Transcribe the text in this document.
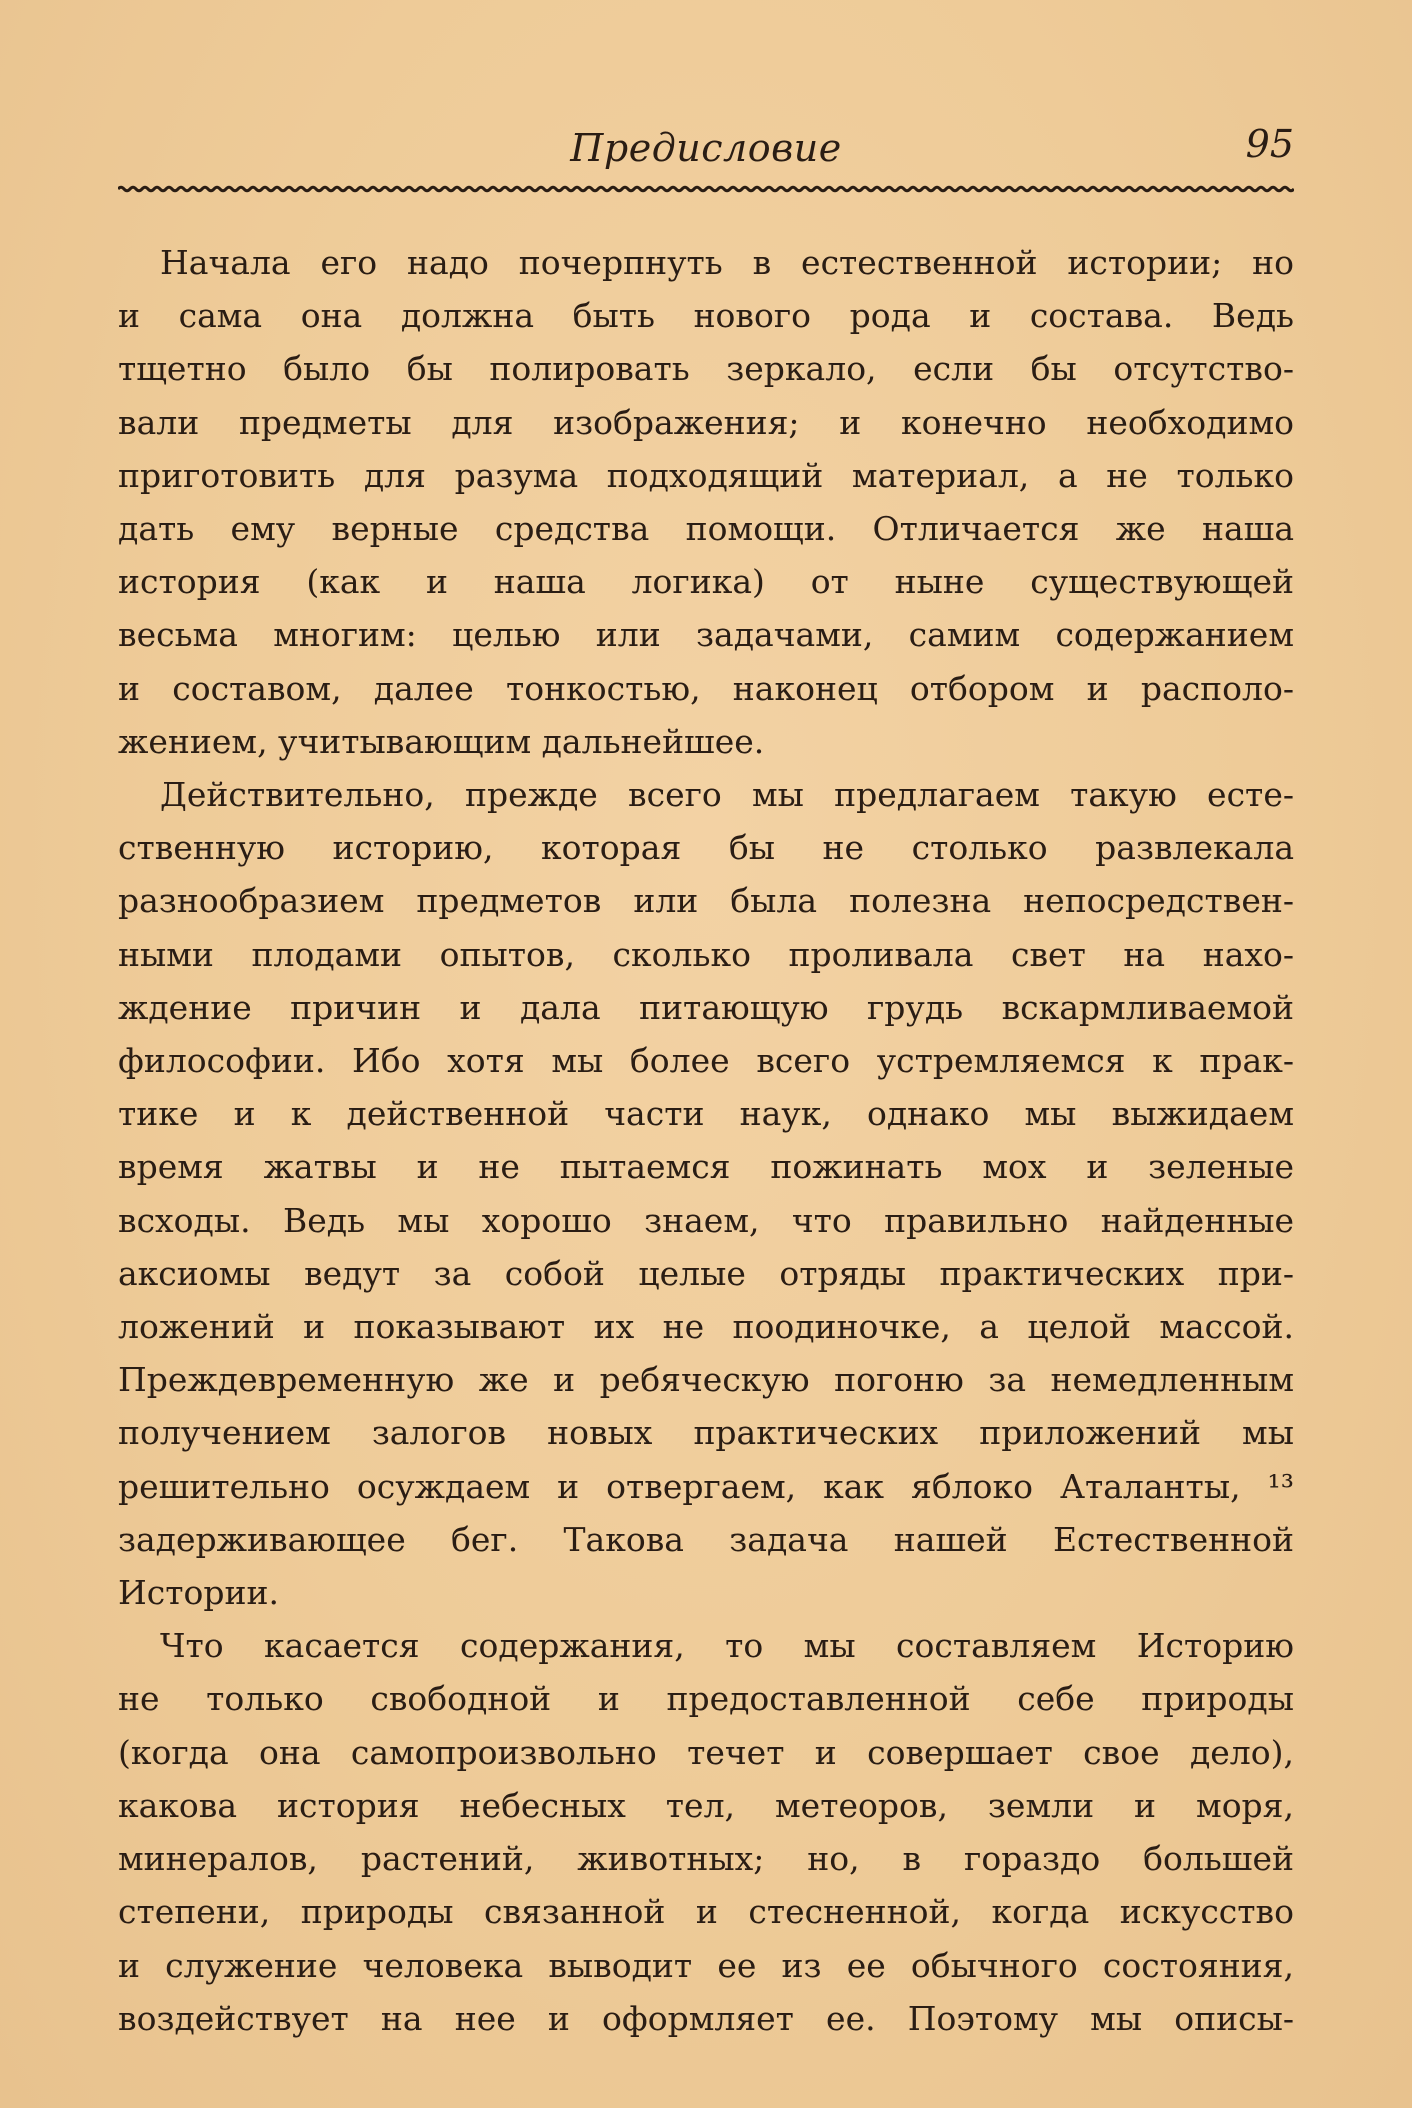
Предисловие	95
Начала его надо почерпнуть в естественной истории; но
и сама она должна быть нового рода и состава. Ведь
тщетно было бы полировать зеркало, если бы отсутство-
вали предметы для изображения; и конечно необходимо
приготовить для разума подходящий материал, а не только
дать ему верные средства помощи. Отличается же наша
история (как и наша логика) от ныне существующей
весьма многим: целью или задачами, самим содержанием
и составом, далее тонкостью, наконец отбором и располо-
жением, учитывающим дальнейшее.
Действительно, прежде всего мы предлагаем такую есте-
ственную историю, которая бы не столько развлекала
разнообразием предметов или была полезна непосредствен-
ными плодами опытов, сколько проливала свет на нахо-
ждение причин и дала питающую грудь вскармливаемой
философии. Ибо хотя мы более всего устремляемся к прак-
тике и к действенной части наук, однако мы выжидаем
время жатвы и не пытаемся пожинать мох и зеленые
всходы. Ведь мы хорошо знаем, что правильно найденные
аксиомы ведут за собой целые отряды практических при-
ложений и показывают их не поодиночке, а целой массой.
Преждевременную же и ребяческую погоню за немедленным
получением залогов новых практических приложений мы
решительно осуждаем и отвергаем, как яблоко Аталанты, ¹³
задерживающее бег. Такова задача нашей Естественной
Истории.
Что касается содержания, то мы составляем Историю
не только свободной и предоставленной себе природы
(когда она самопроизвольно течет и совершает свое дело),
какова история небесных тел, метеоров, земли и моря,
минералов, растений, животных; но, в гораздо большей
степени, природы связанной и стесненной, когда искусство
и служение человека выводит ее из ее обычного состояния,
воздействует на нее и оформляет ее. Поэтому мы описы-
